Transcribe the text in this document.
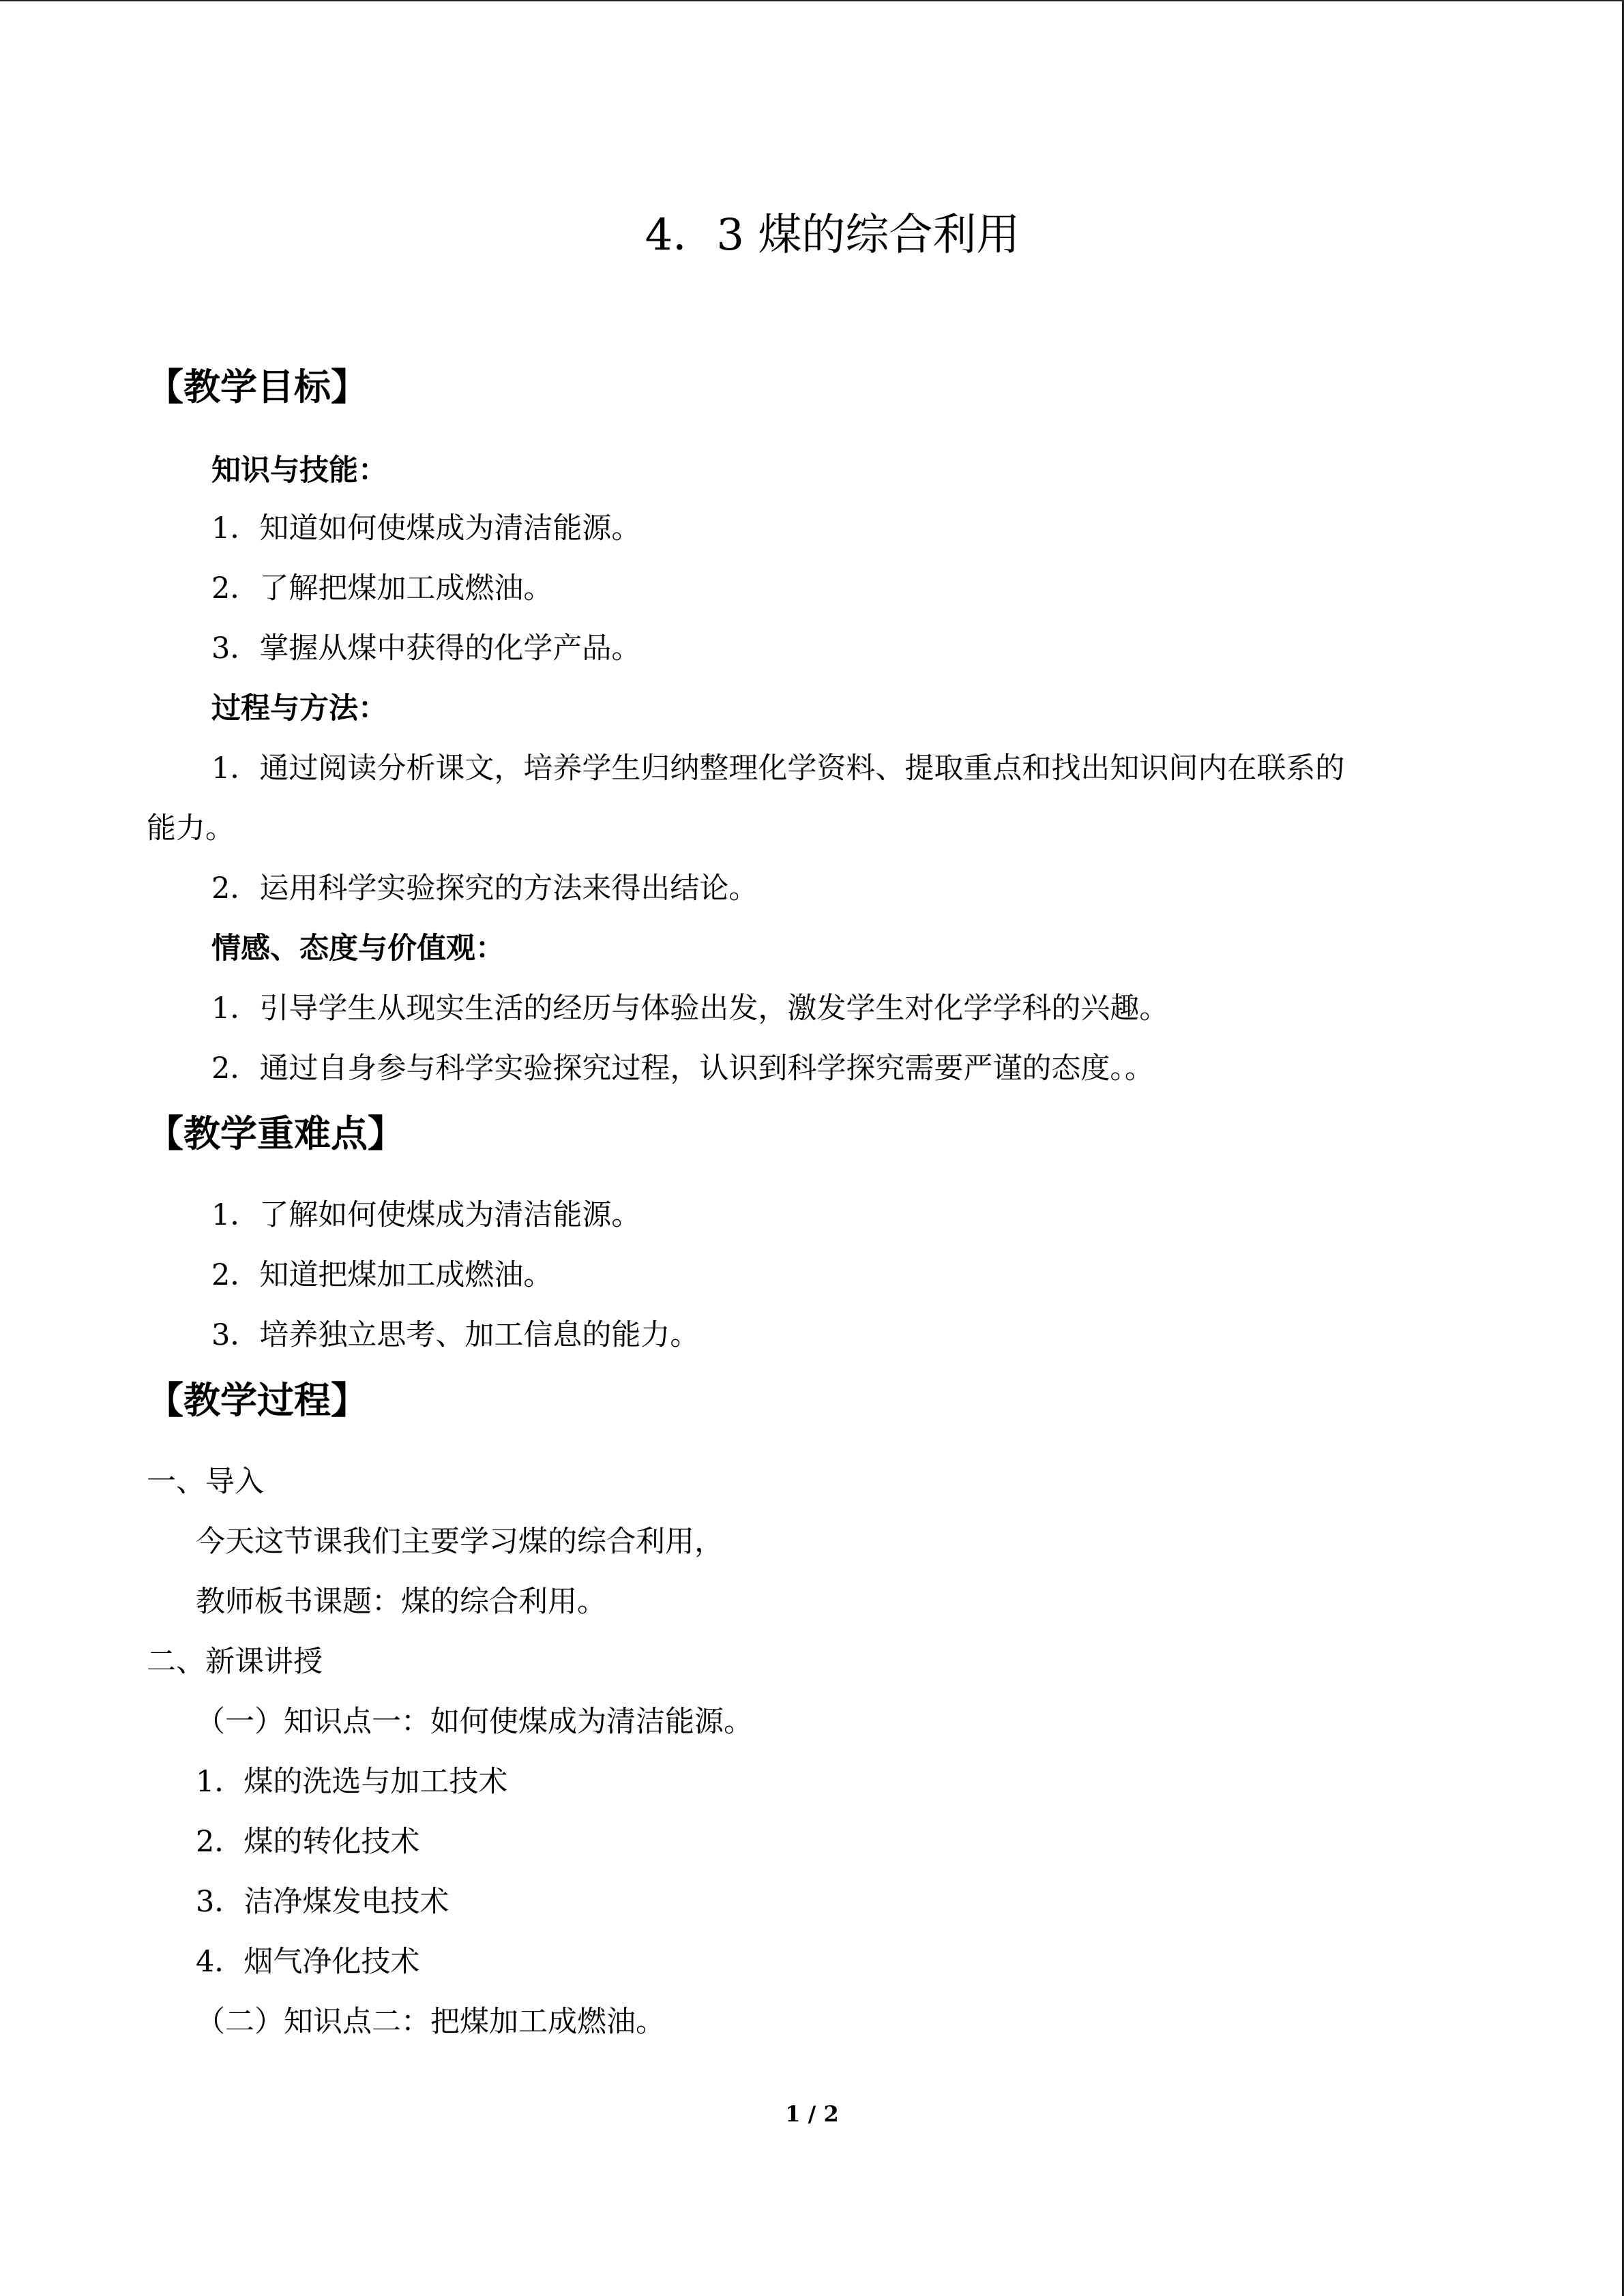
4．3 煤的综合利用
【教学目标】
知识与技能：
1．知道如何使煤成为清洁能源。
2．了解把煤加工成燃油。
3．掌握从煤中获得的化学产品。
过程与方法：
1．通过阅读分析课文，培养学生归纳整理化学资料、提取重点和找出知识间内在联系的
能力。
2．运用科学实验探究的方法来得出结论。
情感、态度与价值观：
1．引导学生从现实生活的经历与体验出发，激发学生对化学学科的兴趣。
2．通过自身参与科学实验探究过程，认识到科学探究需要严谨的态度。。
【教学重难点】
1．了解如何使煤成为清洁能源。
2．知道把煤加工成燃油。
3．培养独立思考、加工信息的能力。
【教学过程】
一、导入
今天这节课我们主要学习煤的综合利用，
教师板书课题：煤的综合利用。
二、新课讲授
（一）知识点一：如何使煤成为清洁能源。
1．煤的洗选与加工技术
2．煤的转化技术
3．洁净煤发电技术
4．烟气净化技术
（二）知识点二：把煤加工成燃油。
1 / 2
